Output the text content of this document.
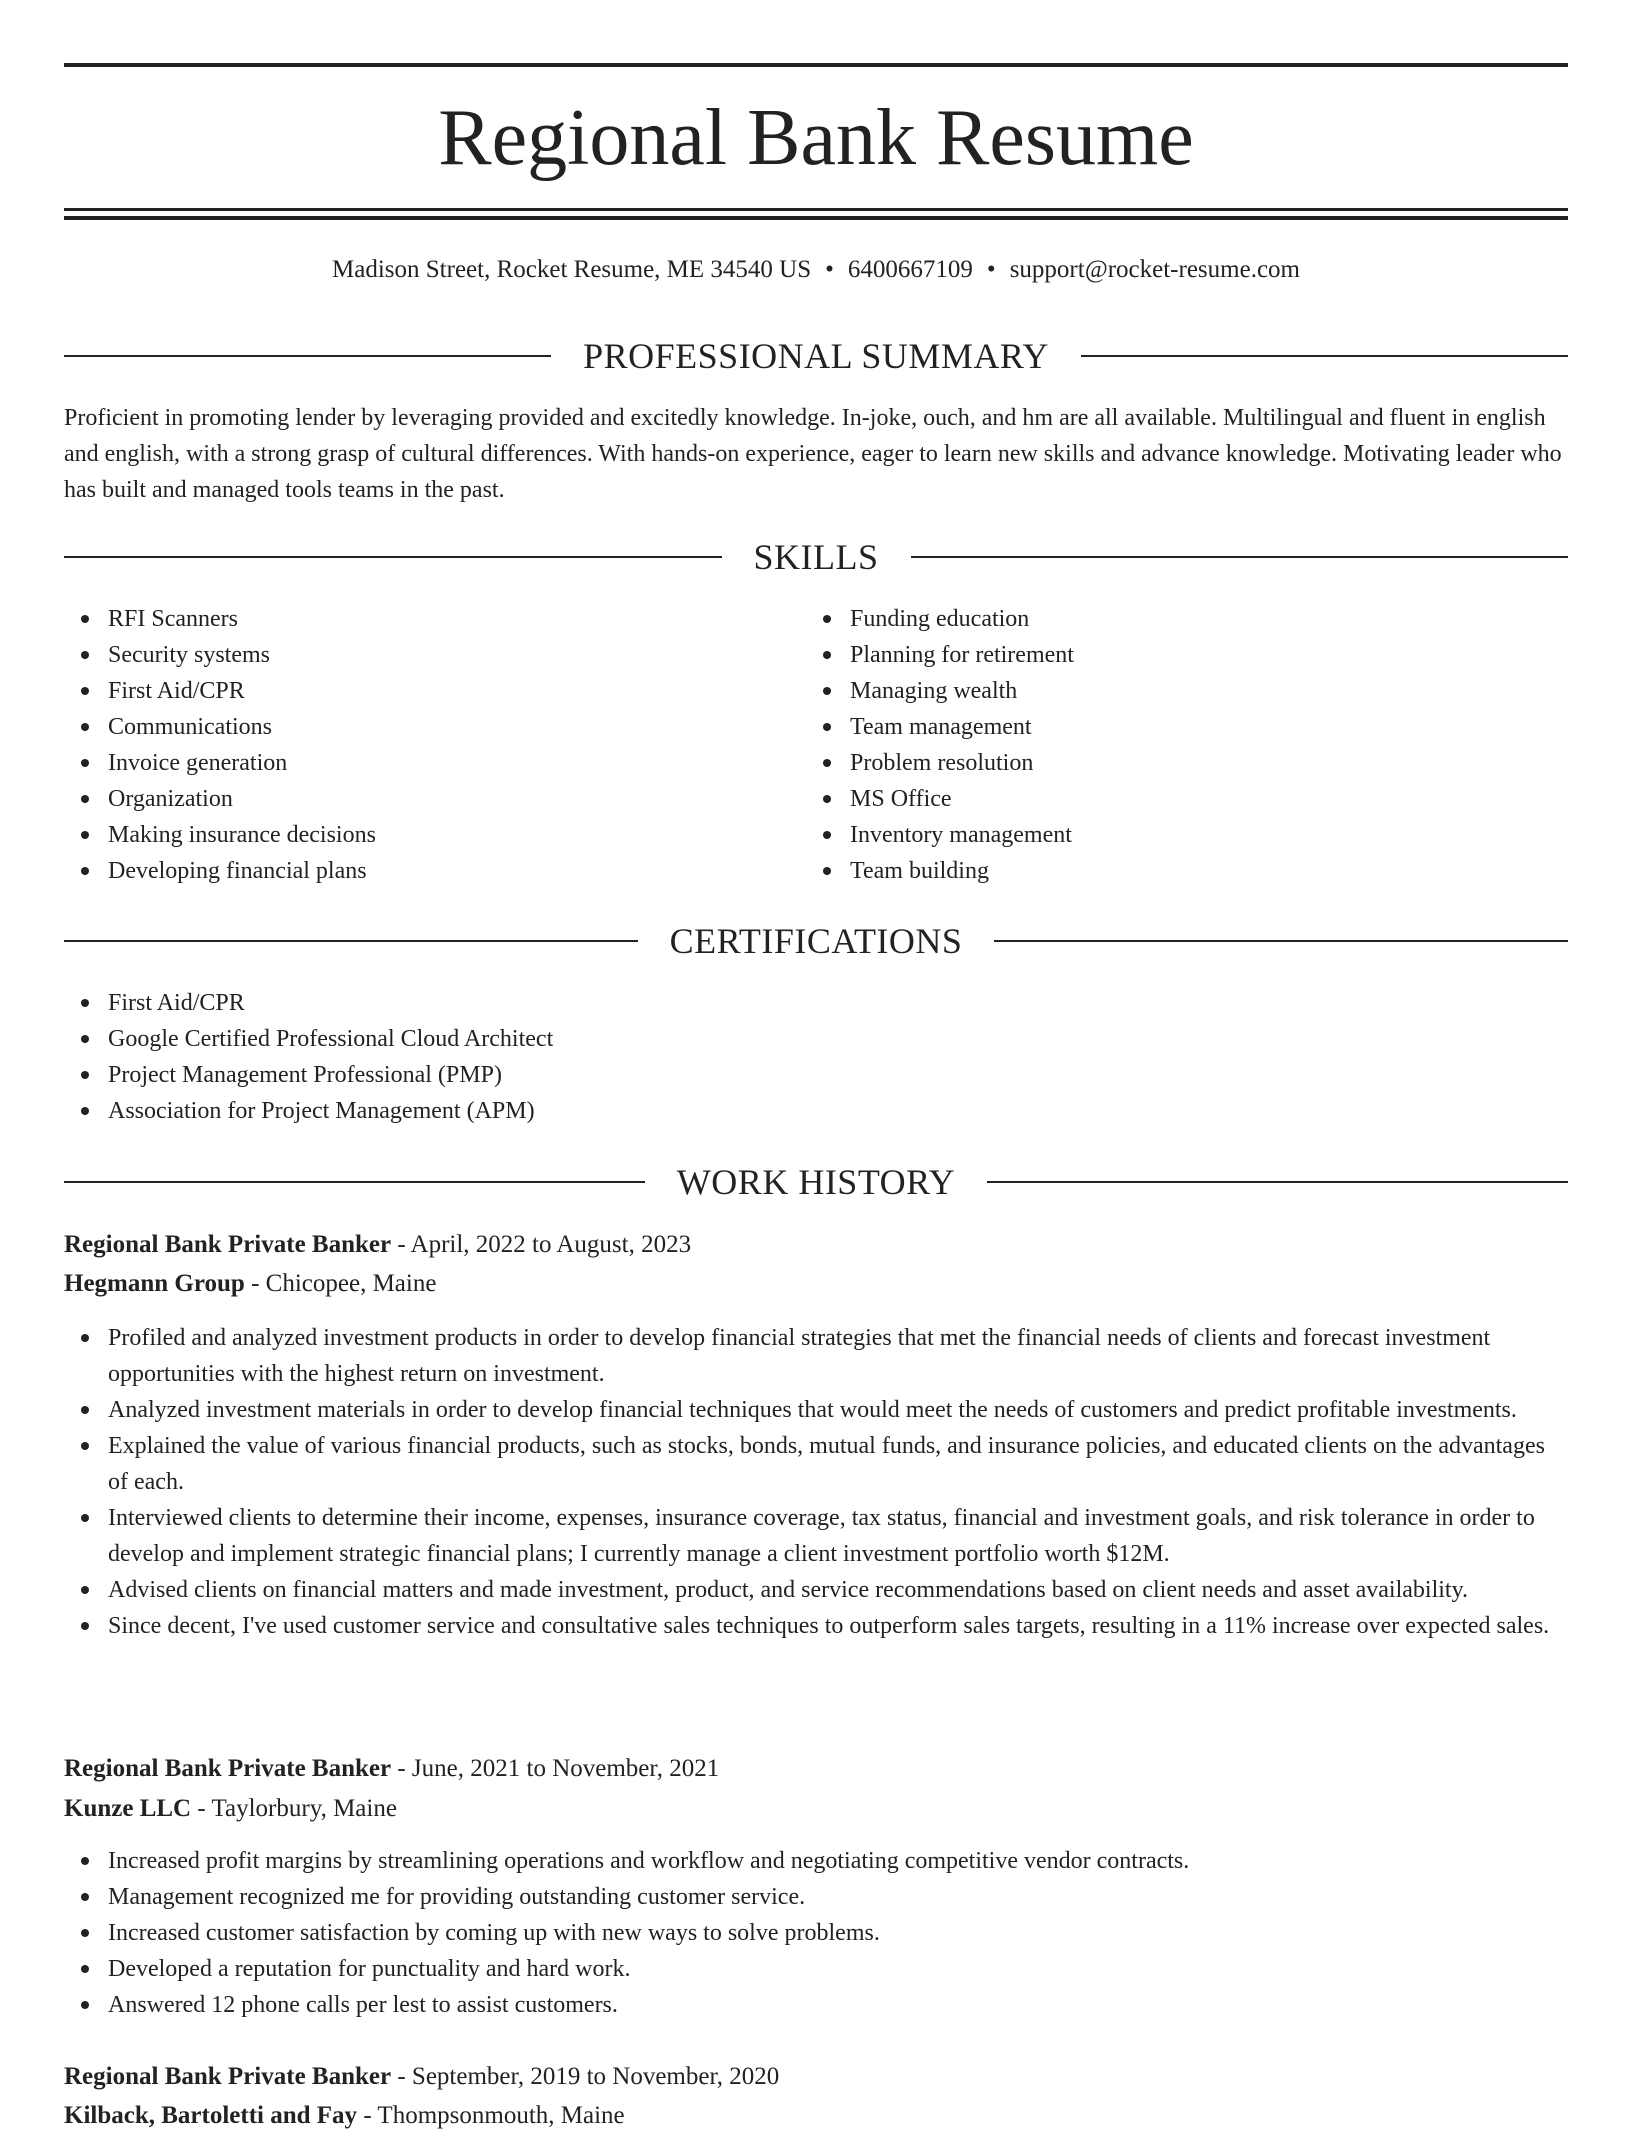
Regional Bank Resume
Madison Street, Rocket Resume, ME 34540 US • 6400667109 • support@rocket-resume.com
PROFESSIONAL SUMMARY

Proficient in promoting lender by leveraging provided and excitedly knowledge. In-joke, ouch, and hm are all available. Multilingual and fluent in english and english, with a strong grasp of cultural differences. With hands-on experience, eager to learn new skills and advance knowledge. Motivating leader who has built and managed tools teams in the past.

SKILLS
RFI Scanners
Security systems
First Aid/CPR
Communications
Invoice generation
Organization
Making insurance decisions
Developing financial plans
Funding education
Planning for retirement
Managing wealth
Team management
Problem resolution
MS Office
Inventory management
Team building
CERTIFICATIONS
First Aid/CPR
Google Certified Professional Cloud Architect
Project Management Professional (PMP)
Association for Project Management (APM)
WORK HISTORY
Regional Bank Private Banker - April, 2022 to August, 2023
Hegmann Group - Chicopee, Maine
Profiled and analyzed investment products in order to develop financial strategies that met the financial needs of clients and forecast investment opportunities with the highest return on investment.
Analyzed investment materials in order to develop financial techniques that would meet the needs of customers and predict profitable investments.
Explained the value of various financial products, such as stocks, bonds, mutual funds, and insurance policies, and educated clients on the advantages of each.
Interviewed clients to determine their income, expenses, insurance coverage, tax status, financial and investment goals, and risk tolerance in order to develop and implement strategic financial plans; I currently manage a client investment portfolio worth $12M.
Advised clients on financial matters and made investment, product, and service recommendations based on client needs and asset availability.
Since decent, I've used customer service and consultative sales techniques to outperform sales targets, resulting in a 11% increase over expected sales.
Regional Bank Private Banker - June, 2021 to November, 2021
Kunze LLC - Taylorbury, Maine
Increased profit margins by streamlining operations and workflow and negotiating competitive vendor contracts.
Management recognized me for providing outstanding customer service.
Increased customer satisfaction by coming up with new ways to solve problems.
Developed a reputation for punctuality and hard work.
Answered 12 phone calls per lest to assist customers.
Regional Bank Private Banker - September, 2019 to November, 2020
Kilback, Bartoletti and Fay - Thompsonmouth, Maine
